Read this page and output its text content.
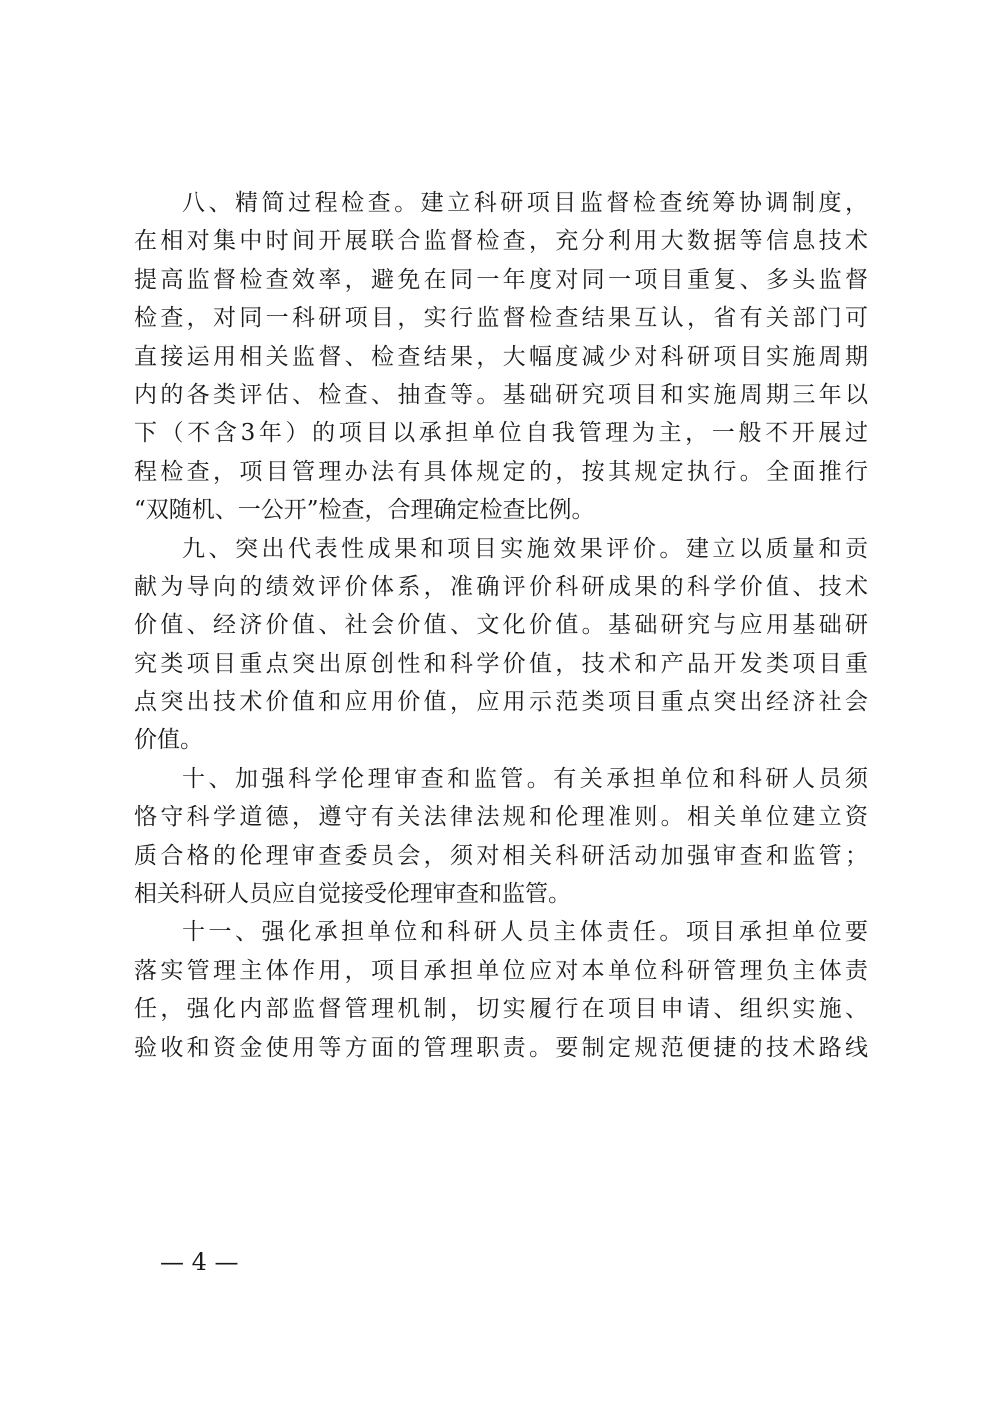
八、精简过程检查。建立科研项目监督检查统筹协调制度，

在相对集中时间开展联合监督检查，充分利用大数据等信息技术

提高监督检查效率，避免在同一年度对同一项目重复、多头监督

检查，对同一科研项目，实行监督检查结果互认，省有关部门可

直接运用相关监督、检查结果，大幅度减少对科研项目实施周期

内的各类评估、检查、抽查等。基础研究项目和实施周期三年以

下（不含3年）的项目以承担单位自我管理为主，一般不开展过

程检查，项目管理办法有具体规定的，按其规定执行。全面推行

“双随机、一公开”检查，合理确定检查比例。

九、突出代表性成果和项目实施效果评价。建立以质量和贡

献为导向的绩效评价体系，准确评价科研成果的科学价值、技术

价值、经济价值、社会价值、文化价值。基础研究与应用基础研

究类项目重点突出原创性和科学价值，技术和产品开发类项目重

点突出技术价值和应用价值，应用示范类项目重点突出经济社会

价值。

十、加强科学伦理审查和监管。有关承担单位和科研人员须

恪守科学道德，遵守有关法律法规和伦理准则。相关单位建立资

质合格的伦理审查委员会，须对相关科研活动加强审查和监管；

相关科研人员应自觉接受伦理审查和监管。

十一、强化承担单位和科研人员主体责任。项目承担单位要

落实管理主体作用，项目承担单位应对本单位科研管理负主体责

任，强化内部监督管理机制，切实履行在项目申请、组织实施、

验收和资金使用等方面的管理职责。要制定规范便捷的技术路线

— 4 —
